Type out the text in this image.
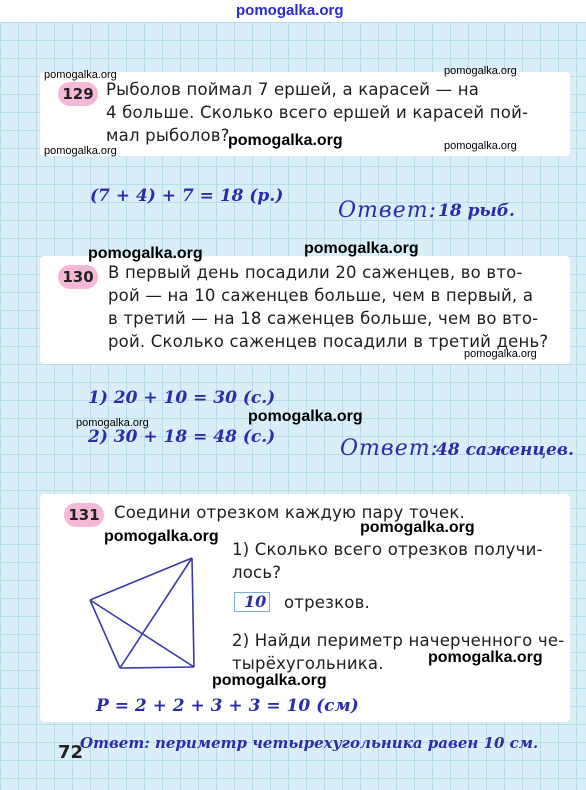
pomogalka.org
129 Рыболов поймал 7 ершей, а карасей — на
4 больше. Сколько всего ершей и карасей пой-
мал рыболов?
(7 + 4) + 7 = 18 (р.)
Ответ: 18 рыб.
130 В первый день посадили 20 саженцев, во вто-
рой — на 10 саженцев больше, чем в первый, а
в третий — на 18 саженцев больше, чем во вто-
рой. Сколько саженцев посадили в третий день?
1) 20 + 10 = 30 (с.)
2) 30 + 18 = 48 (с.)	Ответ:
48 саженцев.
131 Соедини отрезком каждую пару точек.
1) Сколько всего отрезков получи-
лось?
10 отрезков.
2) Найди периметр начерченного че-
тырёхугольника.
P = 2 + 2 + 3 + 3 = 10 (см)
Ответ: периметр четырехугольника равен 10 см.
72
pomogalka.org	pomogalka.org
pomogalka.org
pomogalka.org	pomogalka.org
pomogalka.org	pomogalka.org
pomogalka.org
pomogalka.org
pomogalka.org
pomogalka.org
pomogalka.org
pomogalka.org
pomogalka.org
